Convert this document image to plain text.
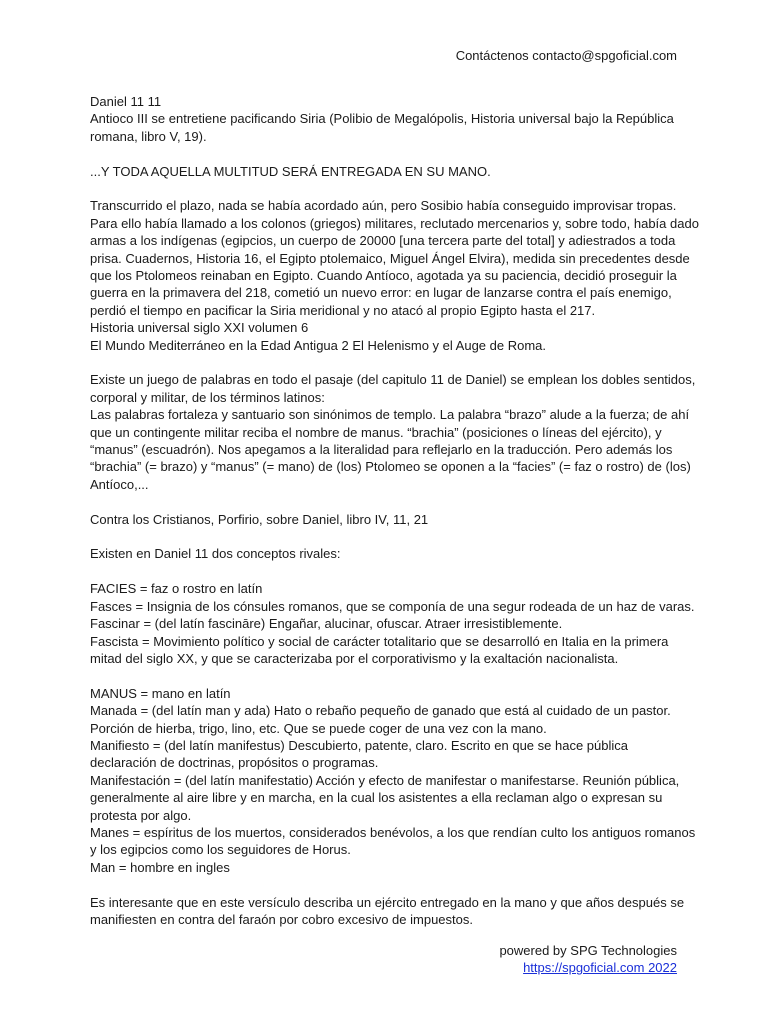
Contáctenos contacto@spgoficial.com
Daniel 11 11
Antioco III se entretiene pacificando Siria (Polibio de Megalópolis, Historia universal bajo la República
romana, libro V, 19).
...Y TODA AQUELLA MULTITUD SERÁ ENTREGADA EN SU MANO.
Transcurrido el plazo, nada se había acordado aún, pero Sosibio había conseguido improvisar tropas.
Para ello había llamado a los colonos (griegos) militares, reclutado mercenarios y, sobre todo, había dado
armas a los indígenas (egipcios, un cuerpo de 20000 [una tercera parte del total] y adiestrados a toda
prisa. Cuadernos, Historia 16, el Egipto ptolemaico, Miguel Ángel Elvira), medida sin precedentes desde
que los Ptolomeos reinaban en Egipto. Cuando Antíoco, agotada ya su paciencia, decidió proseguir la
guerra en la primavera del 218, cometió un nuevo error: en lugar de lanzarse contra el país enemigo,
perdió el tiempo en pacificar la Siria meridional y no atacó al propio Egipto hasta el 217.
Historia universal siglo XXI volumen 6
El Mundo Mediterráneo en la Edad Antigua 2 El Helenismo y el Auge de Roma.
Existe un juego de palabras en todo el pasaje (del capitulo 11 de Daniel) se emplean los dobles sentidos,
corporal y militar, de los términos latinos:
Las palabras fortaleza y santuario son sinónimos de templo. La palabra “brazo” alude a la fuerza; de ahí
que un contingente militar reciba el nombre de manus. “brachia” (posiciones o líneas del ejército), y
“manus” (escuadrón). Nos apegamos a la literalidad para reflejarlo en la traducción. Pero además los
“brachia” (= brazo) y “manus” (= mano) de (los) Ptolomeo se oponen a la “facies” (= faz o rostro) de (los)
Antíoco,...
Contra los Cristianos, Porfirio, sobre Daniel, libro IV, 11, 21
Existen en Daniel 11 dos conceptos rivales:
FACIES = faz o rostro en latín
Fasces = Insignia de los cónsules romanos, que se componía de una segur rodeada de un haz de varas.
Fascinar = (del latín fascināre) Engañar, alucinar, ofuscar. Atraer irresistiblemente.
Fascista = Movimiento político y social de carácter totalitario que se desarrolló en Italia en la primera
mitad del siglo XX, y que se caracterizaba por el corporativismo y la exaltación nacionalista.
MANUS = mano en latín
Manada = (del latín man y ada) Hato o rebaño pequeño de ganado que está al cuidado de un pastor.
Porción de hierba, trigo, lino, etc. Que se puede coger de una vez con la mano.
Manifiesto = (del latín manifestus) Descubierto, patente, claro. Escrito en que se hace pública
declaración de doctrinas, propósitos o programas.
Manifestación = (del latín manifestatio) Acción y efecto de manifestar o manifestarse. Reunión pública,
generalmente al aire libre y en marcha, en la cual los asistentes a ella reclaman algo o expresan su
protesta por algo.
Manes = espíritus de los muertos, considerados benévolos, a los que rendían culto los antiguos romanos
y los egipcios como los seguidores de Horus.
Man = hombre en ingles
Es interesante que en este versículo describa un ejército entregado en la mano y que años después se
manifiesten en contra del faraón por cobro excesivo de impuestos.
powered by SPG Technologies
https://spgoficial.com 2022
